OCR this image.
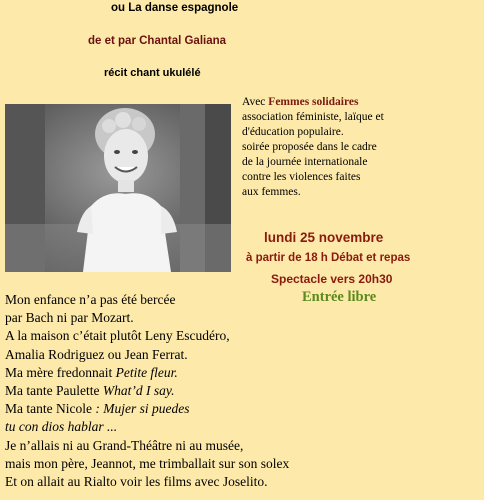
ou La danse espagnole
de et par Chantal Galiana
récit chant ukulélé
Avec Femmes solidaires
association féministe, laïque et
d'éducation populaire.
soirée proposée dans le cadre
de la journée internationale
contre les violences faites
aux femmes.
lundi 25 novembre
à partir de 18 h Débat et repas
Spectacle vers 20h30
Entrée libre
Mon enfance n’a pas été bercée
par Bach ni par Mozart.
A la maison c’était plutôt Leny Escudéro,
Amalia Rodriguez ou Jean Ferrat.
Ma mère fredonnait Petite fleur.
Ma tante Paulette What’d I say.
Ma tante Nicole : Mujer si puedes
tu con dios hablar ...
Je n’allais ni au Grand-Théâtre ni au musée,
mais mon père, Jeannot, me trimballait sur son solex
Et on allait au Rialto voir les films avec Joselito.
